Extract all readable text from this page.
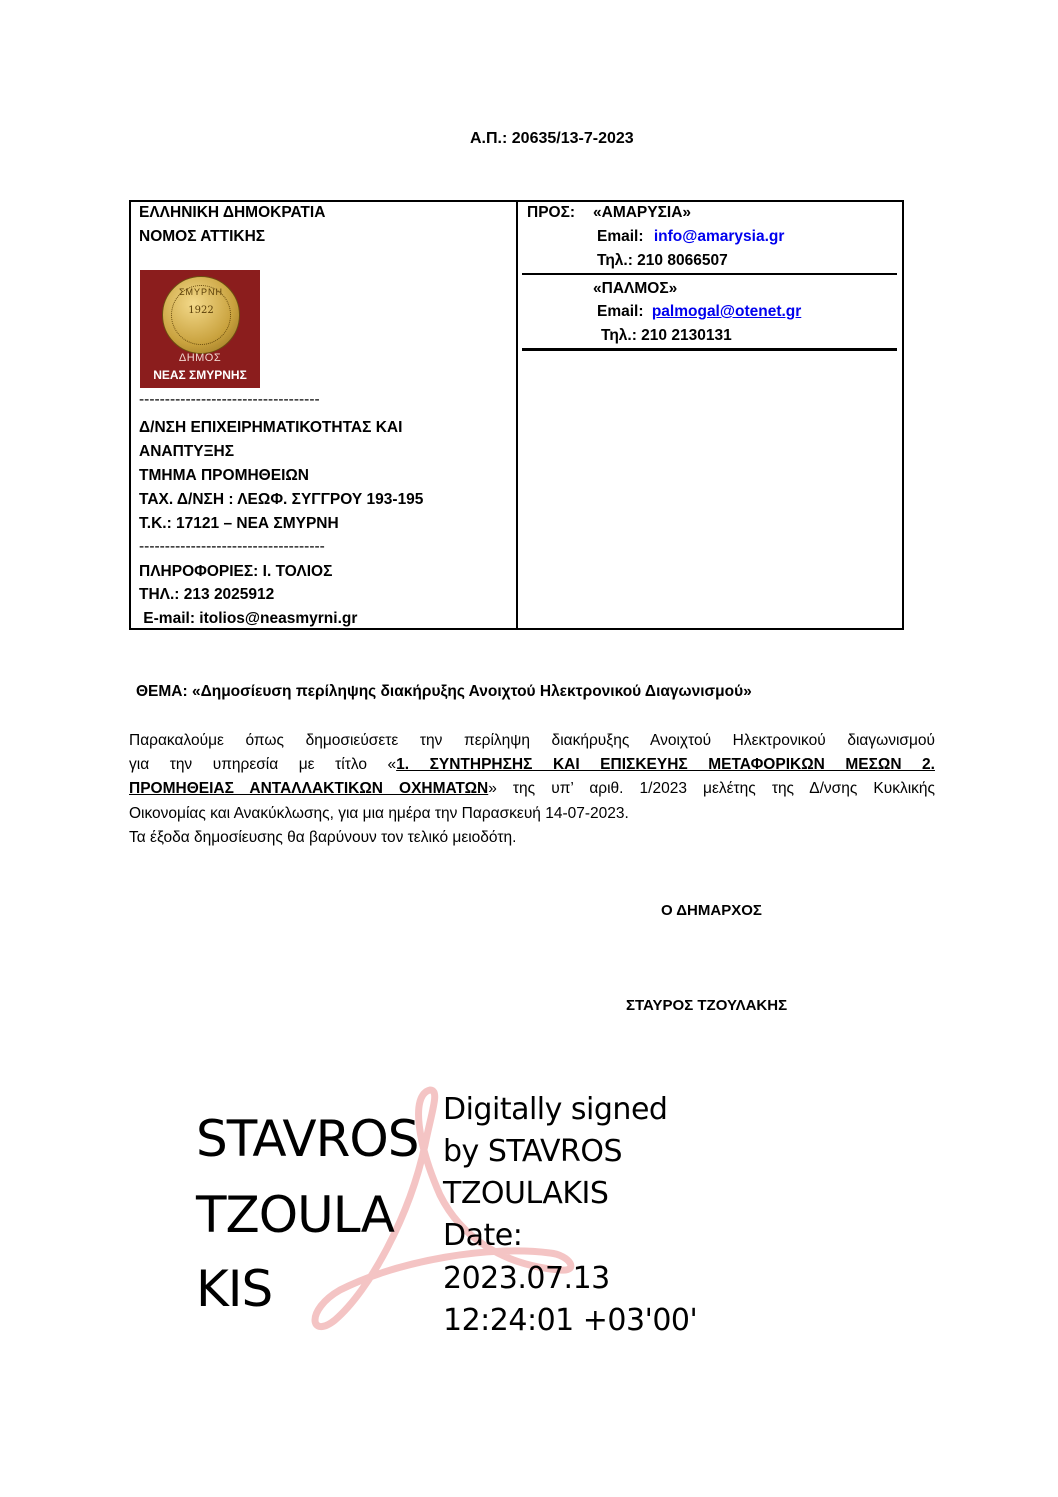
Α.Π.: 20635/13-7-2023
ΕΛΛΗΝΙΚΗ ΔΗΜΟΚΡΑΤΙΑ
ΝΟΜΟΣ ΑΤΤΙΚΗΣ
ΣΜΥΡΝΗ
1922
ΔΗΜΟΣ
ΝΕΑΣ ΣΜΥΡΝΗΣ
-----------------------------------
Δ/ΝΣΗ ΕΠΙΧΕΙΡΗΜΑΤΙΚΟΤΗΤΑΣ ΚΑΙ
ΑΝΑΠΤΥΞΗΣ
ΤΜΗΜΑ ΠΡΟΜΗΘΕΙΩΝ
ΤΑΧ. Δ/ΝΣΗ : ΛΕΩΦ. ΣΥΓΓΡΟΥ 193-195
Τ.Κ.: 17121 – ΝΕΑ ΣΜΥΡΝΗ
------------------------------------
ΠΛΗΡΟΦΟΡΙΕΣ: Ι. ΤΟΛΙΟΣ
ΤΗΛ.: 213 2025912
E-mail: itolios@neasmyrni.gr
ΠΡΟΣ: «ΑΜΑΡΥΣΙΑ»
Email: info@amarysia.gr
Τηλ.: 210 8066507
«ΠΑΛΜΟΣ»
Email: palmogal@otenet.gr
Τηλ.: 210 2130131
ΘΕΜΑ: «Δημοσίευση περίληψης διακήρυξης Ανοιχτού Ηλεκτρονικού Διαγωνισμού»
Παρακαλούμε όπως δημοσιεύσετε την περίληψη διακήρυξης Ανοιχτού Ηλεκτρονικού διαγωνισμού
για την υπηρεσία με τίτλο «1. ΣΥΝΤΗΡΗΣΗΣ ΚΑΙ ΕΠΙΣΚΕΥΗΣ ΜΕΤΑΦΟΡΙΚΩΝ ΜΕΣΩΝ 2.
ΠΡΟΜΗΘΕΙΑΣ ΑΝΤΑΛΛΑΚΤΙΚΩΝ ΟΧΗΜΑΤΩΝ» της υπ’ αριθ. 1/2023 μελέτης της Δ/νσης Κυκλικής
Οικονομίας και Ανακύκλωσης, για μια ημέρα την Παρασκευή 14-07-2023.
Τα έξοδα δημοσίευσης θα βαρύνουν τον τελικό μειοδότη.
Ο ΔΗΜΑΡΧΟΣ
ΣΤΑΥΡΟΣ ΤΖΟΥΛΑΚΗΣ
STAVROS
TZOULA
KIS
Digitally signed
by STAVROS
TZOULAKIS
Date:
2023.07.13
12:24:01 +03'00'
